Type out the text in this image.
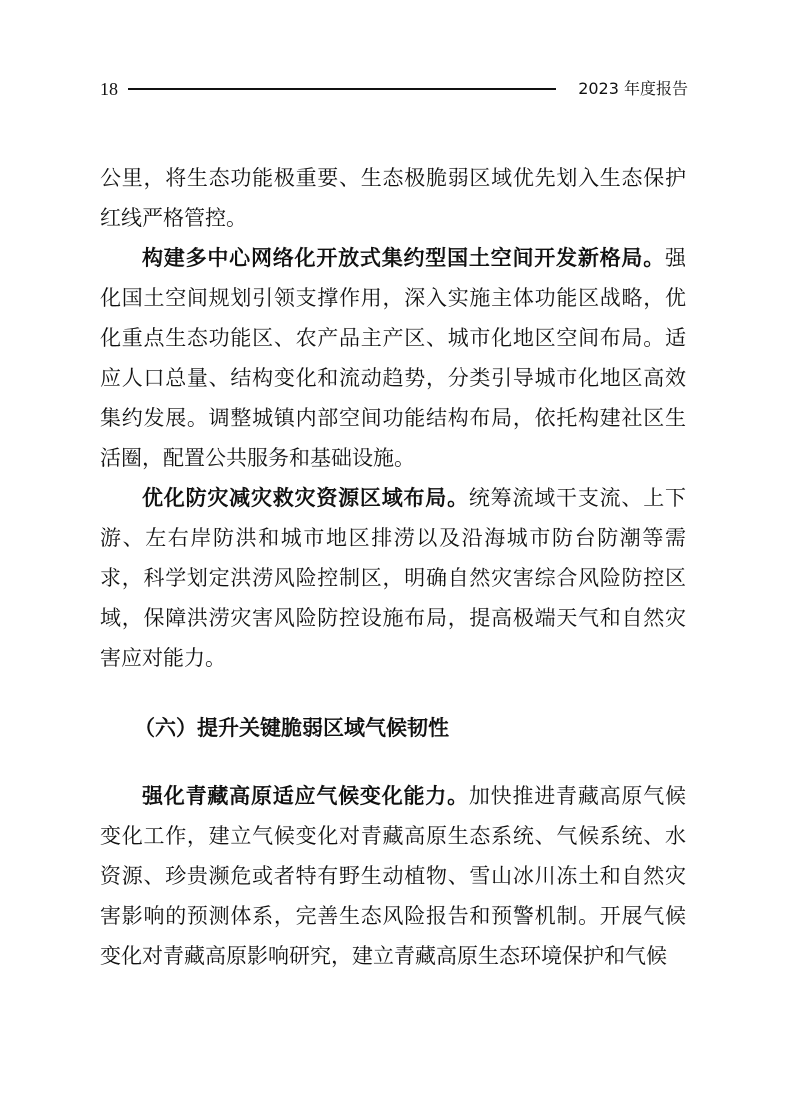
18	2023 年度报告

公里，将生态功能极重要、生态极脆弱区域优先划入生态保护红线严格管控。

构建多中心网络化开放式集约型国土空间开发新格局。强化国土空间规划引领支撑作用，深入实施主体功能区战略，优化重点生态功能区、农产品主产区、城市化地区空间布局。适应人口总量、结构变化和流动趋势，分类引导城市化地区高效集约发展。调整城镇内部空间功能结构布局，依托构建社区生活圈，配置公共服务和基础设施。

优化防灾减灾救灾资源区域布局。统筹流域干支流、上下游、左右岸防洪和城市地区排涝以及沿海城市防台防潮等需求，科学划定洪涝风险控制区，明确自然灾害综合风险防控区域，保障洪涝灾害风险防控设施布局，提高极端天气和自然灾害应对能力。

（六）提升关键脆弱区域气候韧性

强化青藏高原适应气候变化能力。加快推进青藏高原气候变化工作，建立气候变化对青藏高原生态系统、气候系统、水资源、珍贵濒危或者特有野生动植物、雪山冰川冻土和自然灾害影响的预测体系，完善生态风险报告和预警机制。开展气候变化对青藏高原影响研究，建立青藏高原生态环境保护和气候
